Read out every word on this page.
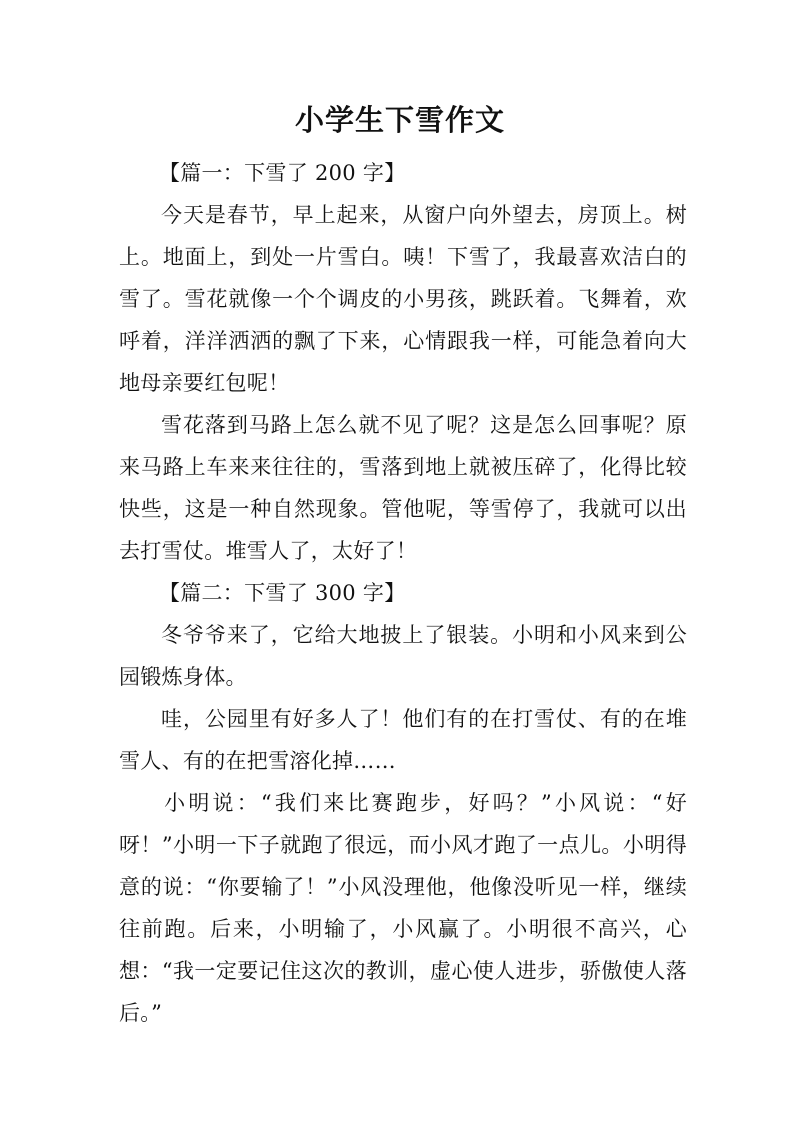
小学生下雪作文

【篇一：下雪了 200 字】

今天是春节，早上起来，从窗户向外望去，房顶上。树上。地面上，到处一片雪白。咦！下雪了，我最喜欢洁白的雪了。雪花就像一个个调皮的小男孩，跳跃着。飞舞着，欢呼着，洋洋洒洒的飘了下来，心情跟我一样，可能急着向大地母亲要红包呢！

雪花落到马路上怎么就不见了呢？这是怎么回事呢？原来马路上车来来往往的，雪落到地上就被压碎了，化得比较快些，这是一种自然现象。管他呢，等雪停了，我就可以出去打雪仗。堆雪人了，太好了！

【篇二：下雪了 300 字】

冬爷爷来了，它给大地披上了银装。小明和小风来到公园锻炼身体。

哇，公园里有好多人了！他们有的在打雪仗、有的在堆雪人、有的在把雪溶化掉……

小明说：“我们来比赛跑步，好吗？”小风说：“好呀！”小明一下子就跑了很远，而小风才跑了一点儿。小明得意的说：“你要输了！”小风没理他，他像没听见一样，继续往前跑。后来，小明输了，小风赢了。小明很不高兴，心想：“我一定要记住这次的教训，虚心使人进步，骄傲使人落后。”
